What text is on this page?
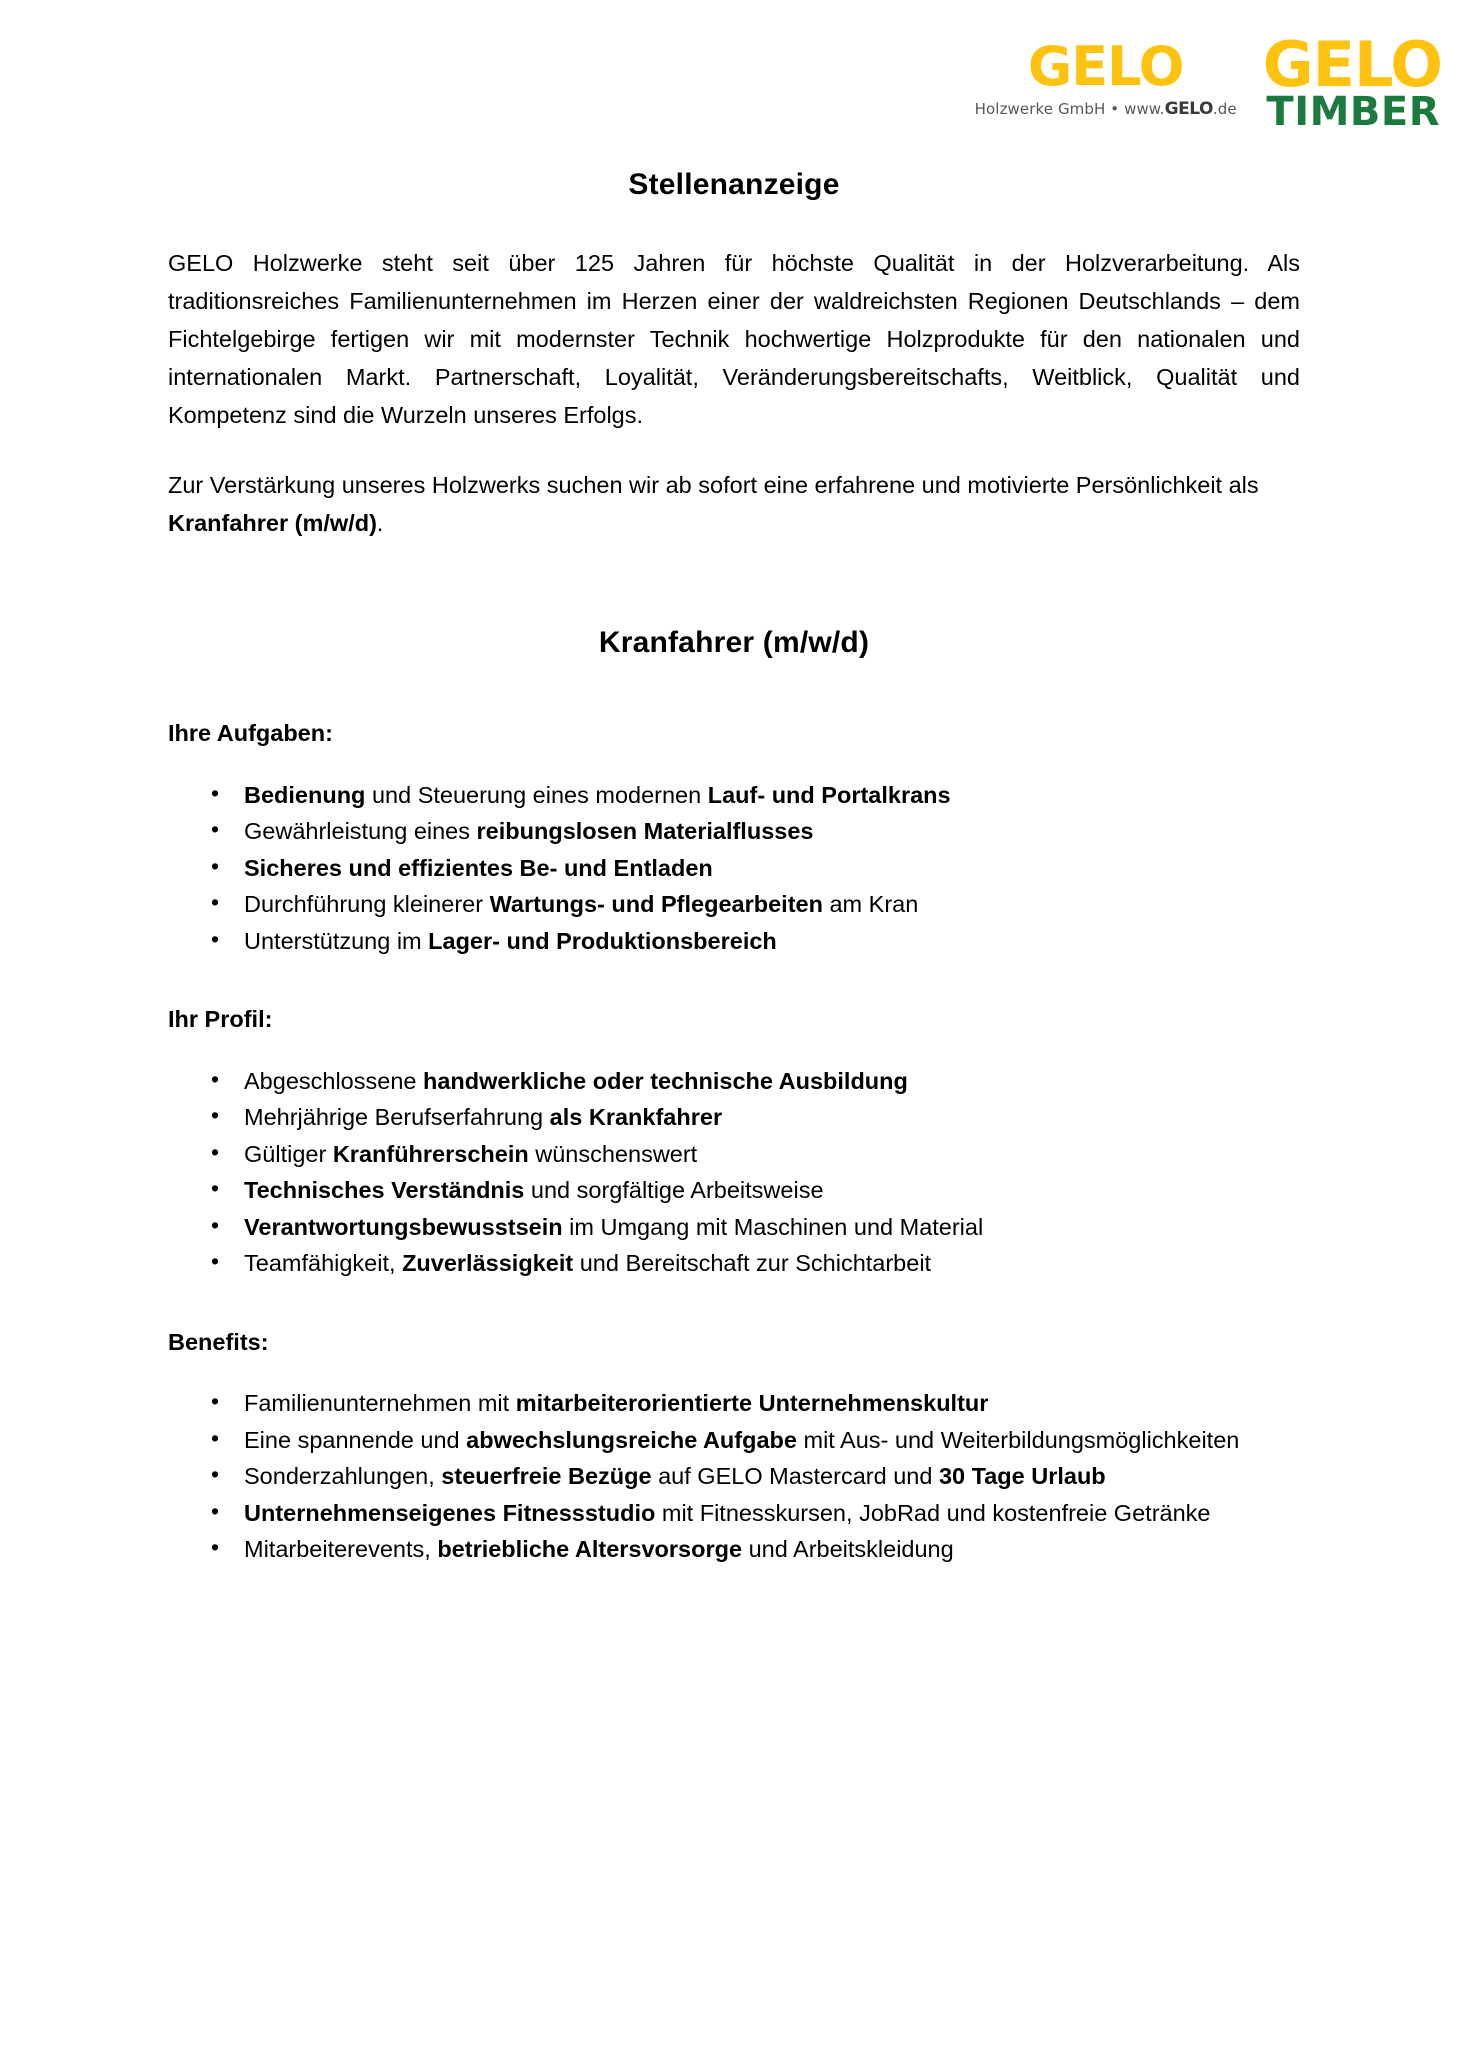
GELO
Holzwerke GmbH • www.GELO.de
GELO
TIMBER
Stellenanzeige

GELO Holzwerke steht seit über 125 Jahren für höchste Qualität in der Holzverarbeitung. Als traditionsreiches Familienunternehmen im Herzen einer der waldreichsten Regionen Deutschlands – dem Fichtelgebirge fertigen wir mit modernster Technik hochwertige Holzprodukte für den nationalen und internationalen Markt. Partnerschaft, Loyalität, Veränderungsbereitschafts, Weitblick, Qualität und Kompetenz sind die Wurzeln unseres Erfolgs.

Zur Verstärkung unseres Holzwerks suchen wir ab sofort eine erfahrene und motivierte Persönlichkeit als Kranfahrer (m/w/d).

Kranfahrer (m/w/d)
Ihre Aufgaben:
• Bedienung und Steuerung eines modernen Lauf- und Portalkrans
• Gewährleistung eines reibungslosen Materialflusses
• Sicheres und effizientes Be- und Entladen
• Durchführung kleinerer Wartungs- und Pflegearbeiten am Kran
• Unterstützung im Lager- und Produktionsbereich
Ihr Profil:
• Abgeschlossene handwerkliche oder technische Ausbildung
• Mehrjährige Berufserfahrung als Krankfahrer
• Gültiger Kranführerschein wünschenswert
• Technisches Verständnis und sorgfältige Arbeitsweise
• Verantwortungsbewusstsein im Umgang mit Maschinen und Material
• Teamfähigkeit, Zuverlässigkeit und Bereitschaft zur Schichtarbeit
Benefits:
• Familienunternehmen mit mitarbeiterorientierte Unternehmenskultur
• Eine spannende und abwechslungsreiche Aufgabe mit Aus- und Weiterbildungsmöglichkeiten
• Sonderzahlungen, steuerfreie Bezüge auf GELO Mastercard und 30 Tage Urlaub
• Unternehmenseigenes Fitnessstudio mit Fitnesskursen, JobRad und kostenfreie Getränke
• Mitarbeiterevents, betriebliche Altersvorsorge und Arbeitskleidung
